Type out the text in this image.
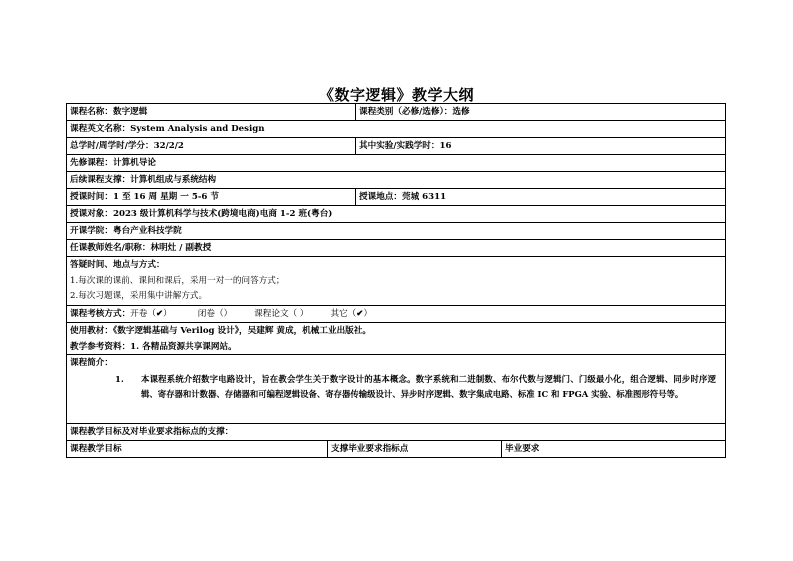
《数字逻辑》教学大纲
课程名称：数字逻辑	课程类别（必修/选修）：选修
课程英文名称：System Analysis and Design
总学时/周学时/学分：32/2/2	其中实验/实践学时：16
先修课程：计算机导论
后续课程支撑：计算机组成与系统结构
授课时间：1 至 16 周 星期 一 5-6 节	授课地点：莞城 6311
授课对象：2023 级计算机科学与技术(跨境电商)电商 1-2 班(粤台)
开课学院：粤台产业科技学院
任课教师姓名/职称：林明灶 / 副教授
答疑时间、地点与方式：
1.每次课的课前、课间和课后，采用一对一的问答方式；
2.每次习题课，采用集中讲解方式。
课程考核方式：开卷（✔）	闭卷（）	课程论文（ ）	其它（✔）
使用教材：《数字逻辑基础与 Verilog 设计》，吴建辉 黄成，机械工业出版社。
教学参考资料：1. 各精品资源共享课网站。
课程简介：
1. 本课程系统介绍数字电路设计，旨在教会学生关于数字设计的基本概念。数字系统和二进制数、布尔代数与逻辑门、门级最小化，组合逻辑、同步时序逻辑、寄存器和计数器、存储器和可编程逻辑设备、寄存器传输级设计、异步时序逻辑、数字集成电路、标准 IC 和 FPGA 实验、标准图形符号等。
课程教学目标及对毕业要求指标点的支撑：
课程教学目标	支撑毕业要求指标点	毕业要求
